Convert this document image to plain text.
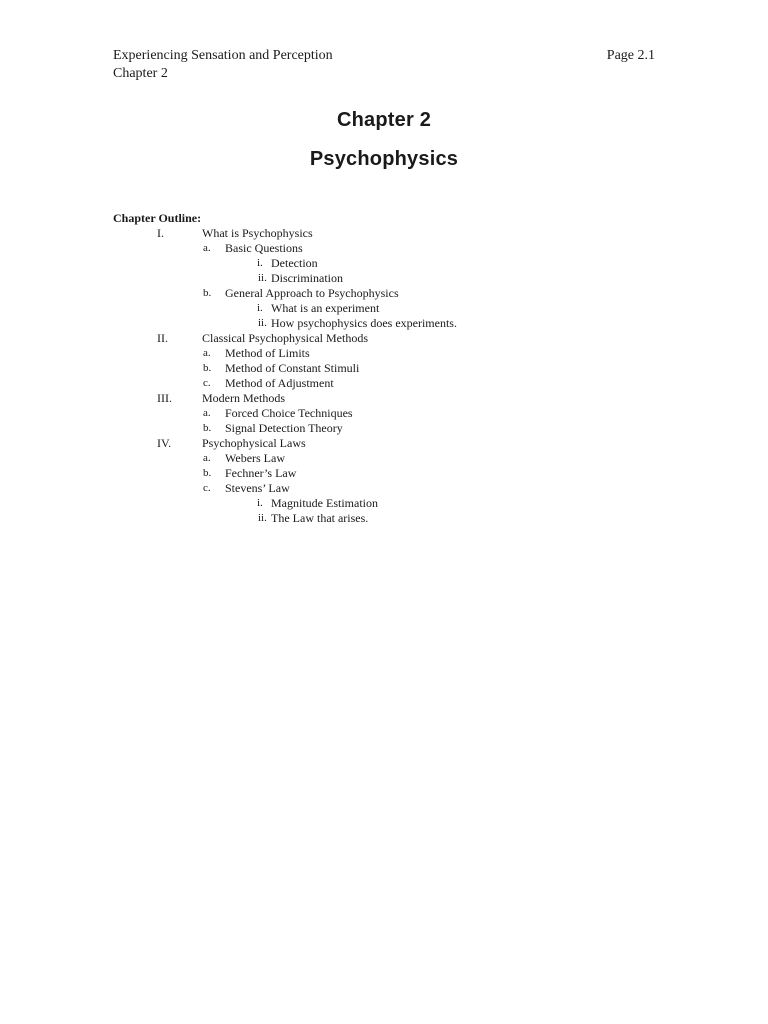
Experiencing Sensation and Perception	Page 2.1
Chapter 2
Chapter 2
Psychophysics
Chapter Outline:
I.	What is Psychophysics
a. Basic Questions
i. Detection
ii. Discrimination
b. General Approach to Psychophysics
i. What is an experiment
ii. How psychophysics does experiments.
II.	Classical Psychophysical Methods
a. Method of Limits
b. Method of Constant Stimuli
c. Method of Adjustment
III.	Modern Methods
a. Forced Choice Techniques
b. Signal Detection Theory
IV.	Psychophysical Laws
a. Webers Law
b. Fechner’s Law
c. Stevens’ Law
i. Magnitude Estimation
ii. The Law that arises.
